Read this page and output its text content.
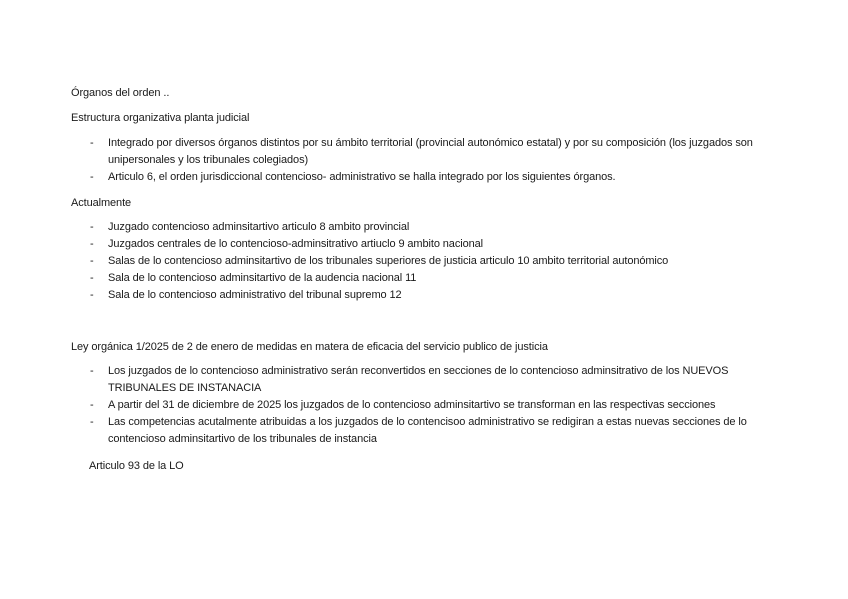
Órganos del orden ..

Estructura organizativa planta judicial

- Integrado por diversos órganos distintos por su ámbito territorial (provincial autonómico estatal) y por su composición (los juzgados son unipersonales y los tribunales colegiados)
- Articulo 6, el orden jurisdiccional contencioso- administrativo se halla integrado por los siguientes órganos.

Actualmente

- Juzgado contencioso adminsitartivo articulo 8 ambito provincial
- Juzgados centrales de lo contencioso-adminsitrativo artiuclo 9 ambito nacional
- Salas de lo contencioso adminsitartivo de los tribunales superiores de justicia articulo 10 ambito territorial autonómico
- Sala de lo contencioso adminsitartivo de la audencia nacional 11
- Sala de lo contencioso administrativo del tribunal supremo 12

Ley orgánica 1/2025 de 2 de enero de medidas en matera de eficacia del servicio publico de justicia

- Los juzgados de lo contencioso administrativo serán reconvertidos en secciones de lo contencioso adminsitrativo de los NUEVOS TRIBUNALES DE INSTANACIA
- A partir del 31 de diciembre de 2025 los juzgados de lo contencioso adminsitartivo se transforman en las respectivas secciones
- Las competencias acutalmente atribuidas a los juzgados de lo contencisoo administrativo se redigiran a estas nuevas secciones de lo contencioso adminsitartivo de los tribunales de instancia

Articulo 93 de la LO
